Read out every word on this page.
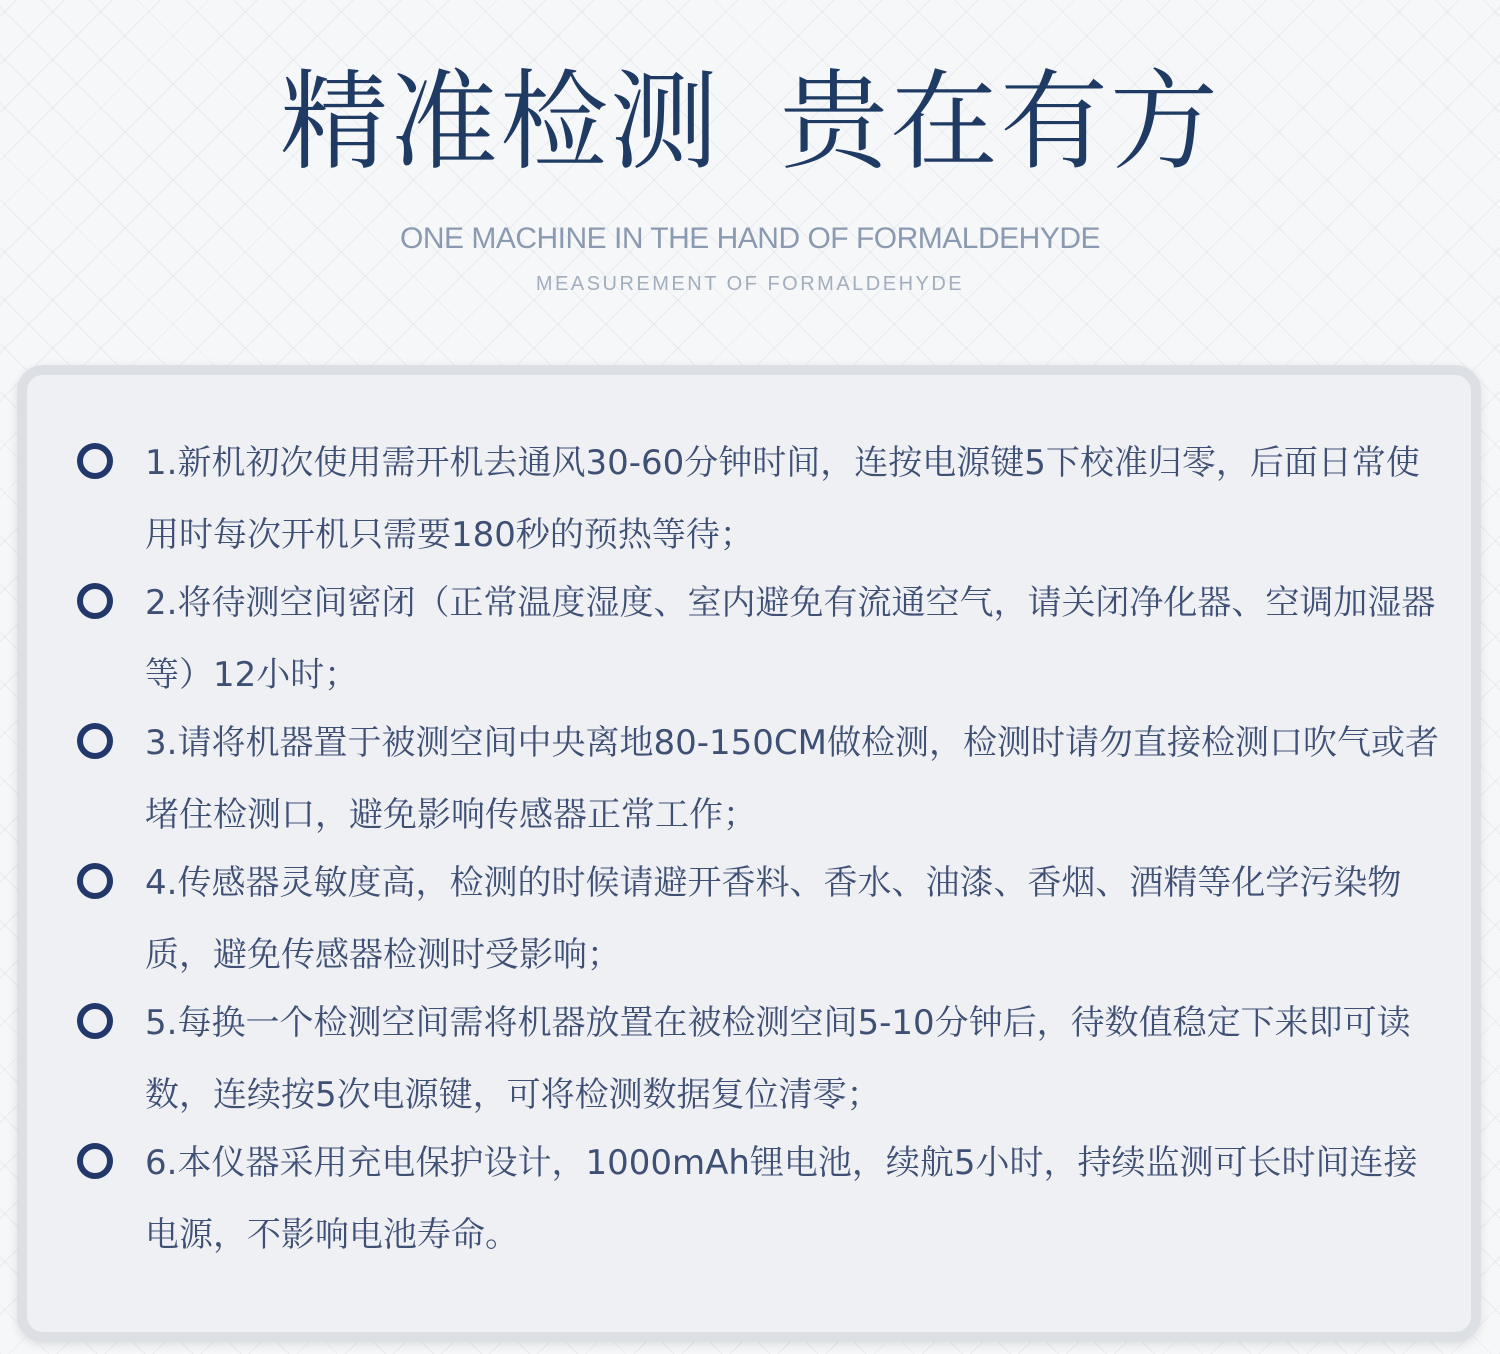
精准检测 贵在有方
ONE MACHINE IN THE HAND OF FORMALDEHYDE
MEASUREMENT OF FORMALDEHYDE
1.新机初次使用需开机去通风30-60分钟时间，连按电源键5下校准归零，后面日常使用时每次开机只需要180秒的预热等待；
2.将待测空间密闭（正常温度湿度、室内避免有流通空气，请关闭净化器、空调加湿器等）12小时；
3.请将机器置于被测空间中央离地80-150CM做检测，检测时请勿直接检测口吹气或者堵住检测口，避免影响传感器正常工作；
4.传感器灵敏度高，检测的时候请避开香料、香水、油漆、香烟、酒精等化学污染物质，避免传感器检测时受影响；
5.每换一个检测空间需将机器放置在被检测空间5-10分钟后，待数值稳定下来即可读数，连续按5次电源键，可将检测数据复位清零；
6.本仪器采用充电保护设计，1000mAh锂电池，续航5小时，持续监测可长时间连接电源，不影响电池寿命。
